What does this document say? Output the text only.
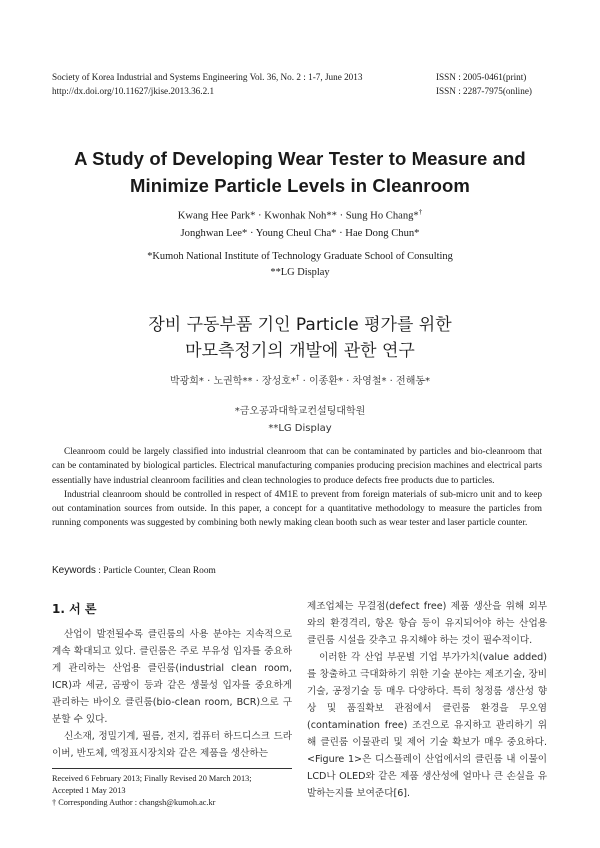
Society of Korea Industrial and Systems Engineering Vol. 36, No. 2 : 1-7, June 2013
http://dx.doi.org/10.11627/jkise.2013.36.2.1
ISSN : 2005-0461(print)
ISSN : 2287-7975(online)
A Study of Developing Wear Tester to Measure and
Minimize Particle Levels in Cleanroom
Kwang Hee Park* · Kwonhak Noh** · Sung Ho Chang*†
Jonghwan Lee* · Young Cheul Cha* · Hae Dong Chun*
*Kumoh National Institute of Technology Graduate School of Consulting
**LG Display
장비 구동부품 기인 Particle 평가를 위한
마모측정기의 개발에 관한 연구
박광희* · 노권학** · 장성호*† · 이종환* · 차영철* · 전해동*
*금오공과대학교컨설팅대학원
**LG Display

Cleanroom could be largely classified into industrial cleanroom that can be contaminated by particles and bio-cleanroom that can be contaminated by biological particles. Electrical manufacturing companies producing precision machines and electrical parts essentially have industrial cleanroom facilities and clean technologies to produce defects free products due to particles.

Industrial cleanroom should be controlled in respect of 4M1E to prevent from foreign materials of sub-micro unit and to keep out contamination sources from outside. In this paper, a concept for a quantitative methodology to measure the particles from running components was suggested by combining both newly making clean booth such as wear tester and laser particle counter.

Keywords : Particle Counter, Clean Room
1. 서 론

산업이 발전될수록 클린룸의 사용 분야는 지속적으로 계속 확대되고 있다. 클린룸은 주로 부유성 입자를 중요하게 관리하는 산업용 클린룸(industrial clean room, ICR)과 세균, 곰팡이 등과 같은 생물성 입자를 중요하게 관리하는 바이오 클린룸(bio-clean room, BCR)으로 구분할 수 있다.

신소재, 정밀기계, 필름, 전지, 컴퓨터 하드디스크 드라이버, 반도체, 액정표시장치와 같은 제품을 생산하는

Received 6 February 2013; Finally Revised 20 March 2013;
Accepted 1 May 2013
† Corresponding Author : changsh@kumoh.ac.kr

제조업체는 무결점(defect free) 제품 생산을 위해 외부와의 환경격리, 항온 항습 등이 유지되어야 하는 산업용 클린룸 시설을 갖추고 유지해야 하는 것이 필수적이다.

이러한 각 산업 부문별 기업 부가가치(value added)를 창출하고 극대화하기 위한 기술 분야는 제조기술, 장비기술, 공정기술 등 매우 다양하다. 특히 청정룸 생산성 향상 및 품질확보 관점에서 클린룸 환경을 무오염(contamination free) 조건으로 유지하고 관리하기 위해 클린룸 이물관리 및 제어 기술 확보가 매우 중요하다. <Figure 1>은 디스플레이 산업에서의 클린룸 내 이물이 LCD나 OLED와 같은 제품 생산성에 얼마나 큰 손실을 유발하는지를 보여준다[6].
